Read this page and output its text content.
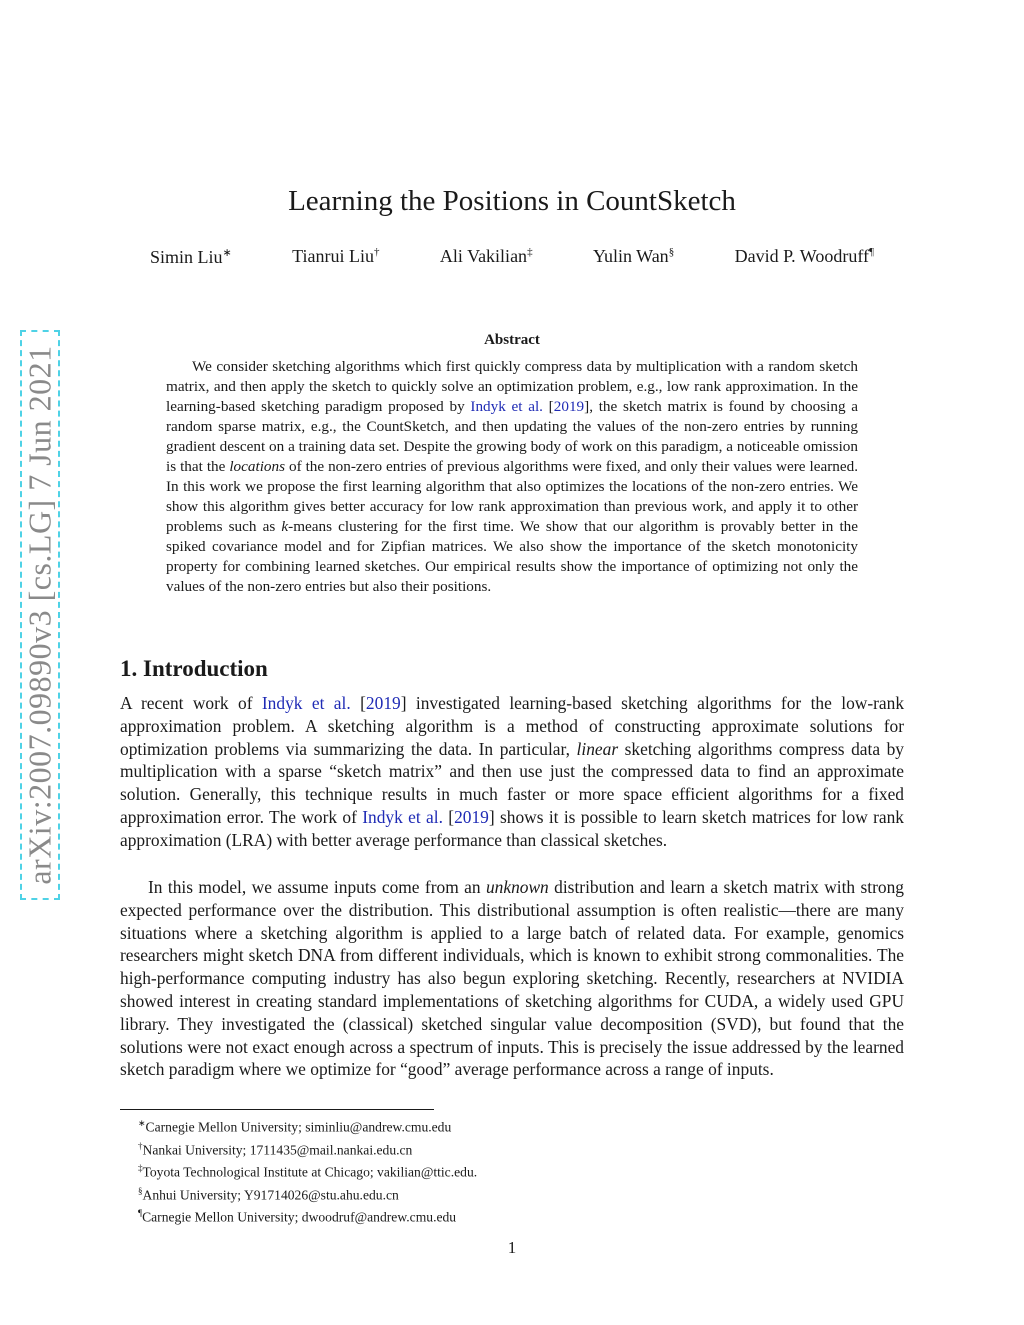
arXiv:2007.09890v3 [cs.LG] 7 Jun 2021
Learning the Positions in CountSketch
Simin Liu∗	Tianrui Liu†	Ali Vakilian‡	Yulin Wan§	David P. Woodruff¶
Abstract

We consider sketching algorithms which first quickly compress data by multiplication with a random sketch matrix, and then apply the sketch to quickly solve an optimization problem, e.g., low rank approximation. In the learning-based sketching paradigm proposed by Indyk et al. [2019], the sketch matrix is found by choosing a random sparse matrix, e.g., the CountSketch, and then updating the values of the non-zero entries by running gradient descent on a training data set. Despite the growing body of work on this paradigm, a noticeable omission is that the locations of the non-zero entries of previous algorithms were fixed, and only their values were learned. In this work we propose the first learning algorithm that also optimizes the locations of the non-zero entries. We show this algorithm gives better accuracy for low rank approximation than previous work, and apply it to other problems such as k-means clustering for the first time. We show that our algorithm is provably better in the spiked covariance model and for Zipfian matrices. We also show the importance of the sketch monotonicity property for combining learned sketches. Our empirical results show the importance of optimizing not only the values of the non-zero entries but also their positions.

1. Introduction

A recent work of Indyk et al. [2019] investigated learning-based sketching algorithms for the low-rank approximation problem. A sketching algorithm is a method of constructing approximate solutions for optimization problems via summarizing the data. In particular, linear sketching algorithms compress data by multiplication with a sparse “sketch matrix” and then use just the compressed data to find an approximate solution. Generally, this technique results in much faster or more space efficient algorithms for a fixed approximation error. The work of Indyk et al. [2019] shows it is possible to learn sketch matrices for low rank approximation (LRA) with better average performance than classical sketches.

In this model, we assume inputs come from an unknown distribution and learn a sketch matrix with strong expected performance over the distribution. This distributional assumption is often realistic—there are many situations where a sketching algorithm is applied to a large batch of related data. For example, genomics researchers might sketch DNA from different individuals, which is known to exhibit strong commonalities. The high-performance computing industry has also begun exploring sketching. Recently, researchers at NVIDIA showed interest in creating standard implementations of sketching algorithms for CUDA, a widely used GPU library. They investigated the (classical) sketched singular value decomposition (SVD), but found that the solutions were not exact enough across a spectrum of inputs. This is precisely the issue addressed by the learned sketch paradigm where we optimize for “good” average performance across a range of inputs.

∗Carnegie Mellon University; siminliu@andrew.cmu.edu
†Nankai University; 1711435@mail.nankai.edu.cn
‡Toyota Technological Institute at Chicago; vakilian@ttic.edu.
§Anhui University; Y91714026@stu.ahu.edu.cn
¶Carnegie Mellon University; dwoodruf@andrew.cmu.edu
1
